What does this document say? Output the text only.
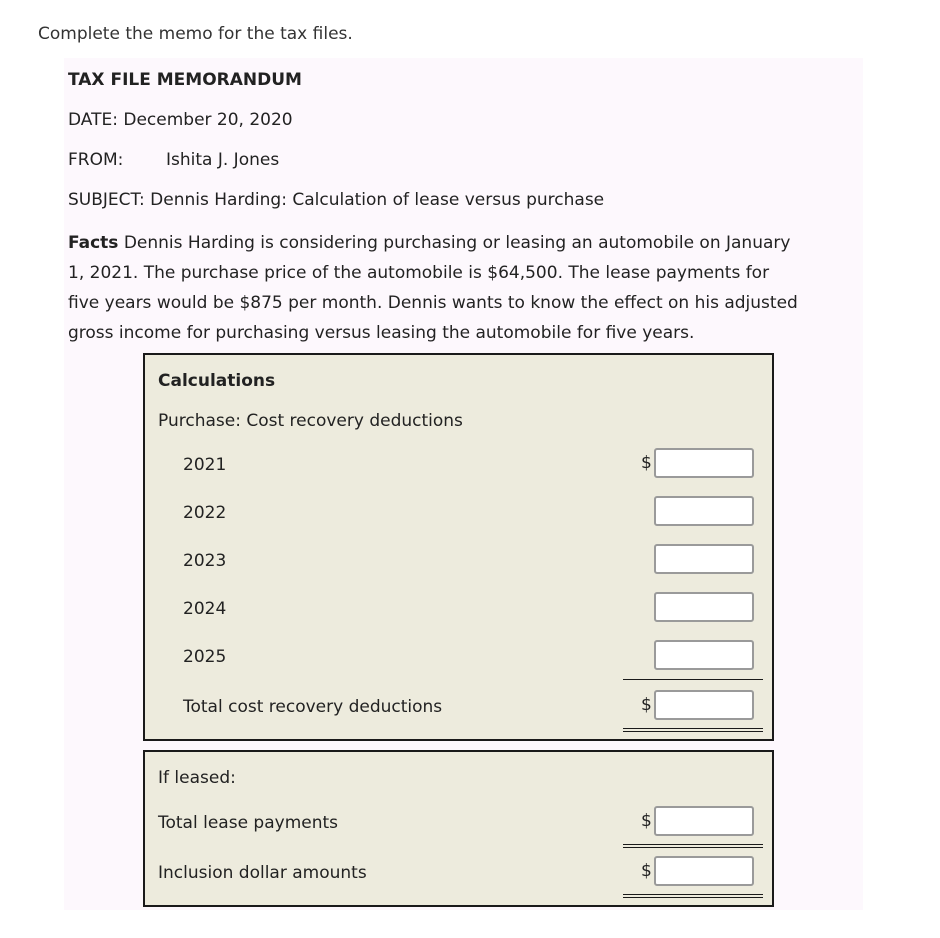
Complete the memo for the tax files.
TAX FILE MEMORANDUM
DATE: December 20, 2020
FROM:	Ishita J. Jones
SUBJECT: Dennis Harding: Calculation of lease versus purchase
Facts Dennis Harding is considering purchasing or leasing an automobile on January
1, 2021. The purchase price of the automobile is $64,500. The lease payments for
five years would be $875 per month. Dennis wants to know the effect on his adjusted
gross income for purchasing versus leasing the automobile for five years.
Calculations
Purchase: Cost recovery deductions
2021	$
2022
2023
2024
2025
Total cost recovery deductions	$
If leased:
Total lease payments	$
Inclusion dollar amounts	$
